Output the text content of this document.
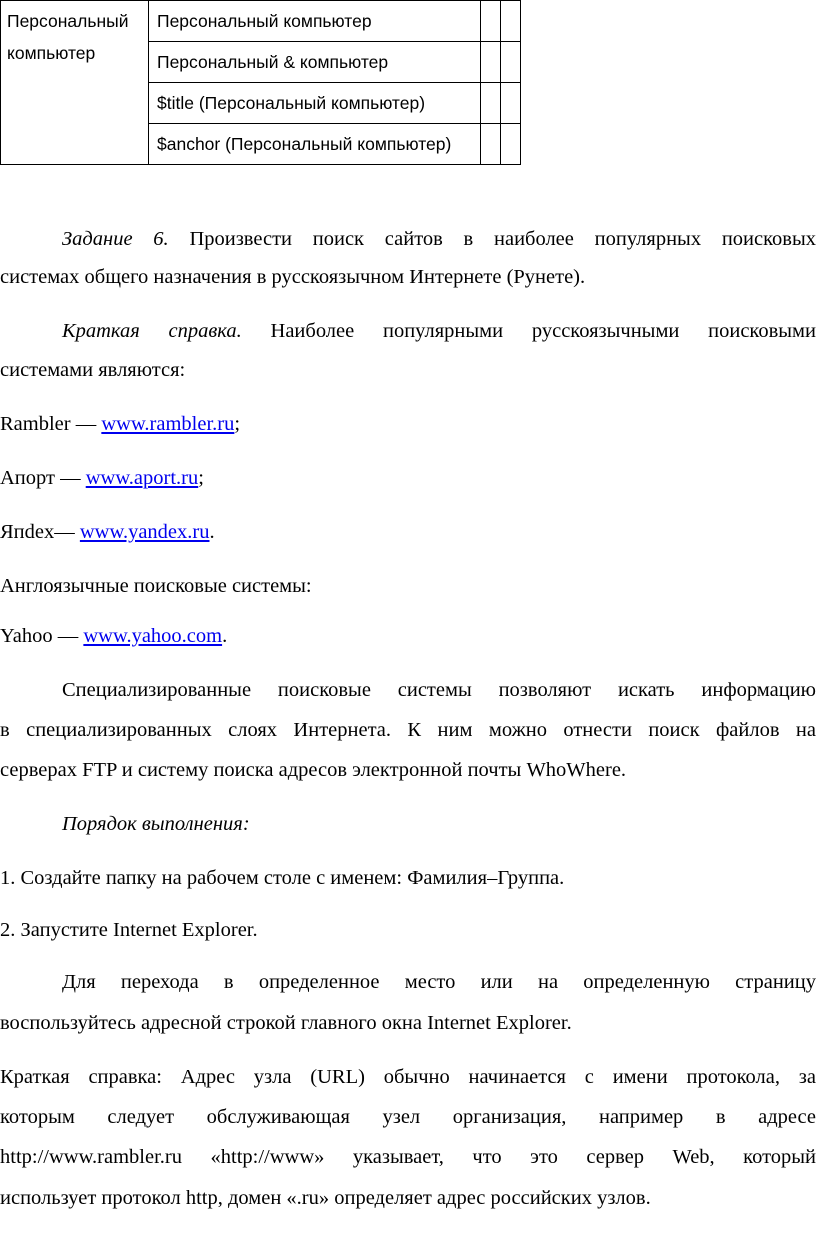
Персональный компьютер	Персональный компьютер		
	Персональный & компьютер		
	$title (Персональный компьютер)		
	$anchor (Персональный компьютер)		
Задание 6. Произвести поиск сайтов в наиболее популярных поисковых
системах общего назначения в русскоязычном Интернете (Рунете).
Краткая справка. Наиболее популярными русскоязычными поисковыми
системами являются:
Rambler — www.rambler.ru;
Апорт — www.aport.ru;
Япdex— www.yandex.ru.
Англоязычные поисковые системы:
Yahoo — www.yahoo.com.
Специализированные поисковые системы позволяют искать информацию
в специализированных слоях Интернета. К ним можно отнести поиск файлов на
серверах FTP и систему поиска адресов электронной почты WhoWhere.
Порядок выполнения:
1. Создайте папку на рабочем столе с именем: Фамилия–Группа.
2. Запустите Internet Explorer.
Для перехода в определенное место или на определенную страницу
воспользуйтесь адресной строкой главного окна Internet Explorer.
Краткая справка: Адрес узла (URL) обычно начинается с имени протокола, за
которым следует обслуживающая узел организация, например в адресе
http://www.rambler.ru «http://www» указывает, что это сервер Web, который
использует протокол http, домен «.ru» определяет адрес российских узлов.
